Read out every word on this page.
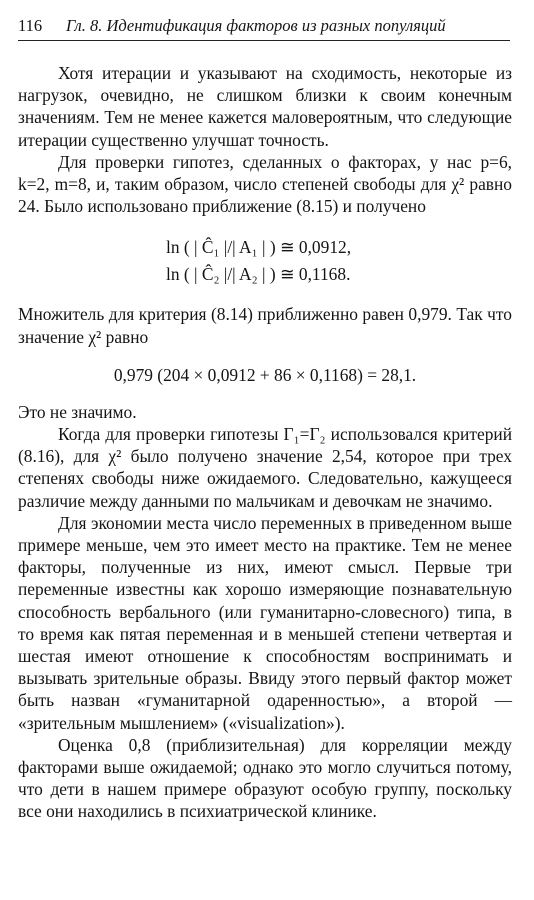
116 Гл. 8. Идентификация факторов из разных популяций

Хотя итерации и указывают на сходимость, некоторые из нагрузок, очевидно, не слишком близки к своим конечным значениям. Тем не менее кажется маловероятным, что следующие итерации существенно улучшат точность.

Для проверки гипотез, сделанных о факторах, у нас p=6, k=2, m=8, и, таким образом, число степеней свободы для χ² равно 24. Было использовано приближение (8.15) и получено

ln ( | Ĉ₁ |/| A₁ | ) ≅ 0,0912,
ln ( | Ĉ₂ |/| A₂ | ) ≅ 0,1168.

Множитель для критерия (8.14) приближенно равен 0,979. Так что значение χ² равно

0,979 (204 × 0,0912 + 86 × 0,1168) = 28,1.

Это не значимо.

Когда для проверки гипотезы Γ₁=Γ₂ использовался критерий (8.16), для χ² было получено значение 2,54, которое при трех степенях свободы ниже ожидаемого. Следовательно, кажущееся различие между данными по мальчикам и девочкам не значимо.

Для экономии места число переменных в приведенном выше примере меньше, чем это имеет место на практике. Тем не менее факторы, полученные из них, имеют смысл. Первые три переменные известны как хорошо измеряющие познавательную способность вербального (или гуманитарно-словесного) типа, в то время как пятая переменная и в меньшей степени четвертая и шестая имеют отношение к способностям воспринимать и вызывать зрительные образы. Ввиду этого первый фактор может быть назван «гуманитарной одаренностью», а второй — «зрительным мышлением» («visualization»).

Оценка 0,8 (приблизительная) для корреляции между факторами выше ожидаемой; однако это могло случиться потому, что дети в нашем примере образуют особую группу, поскольку все они находились в психиатрической клинике.
